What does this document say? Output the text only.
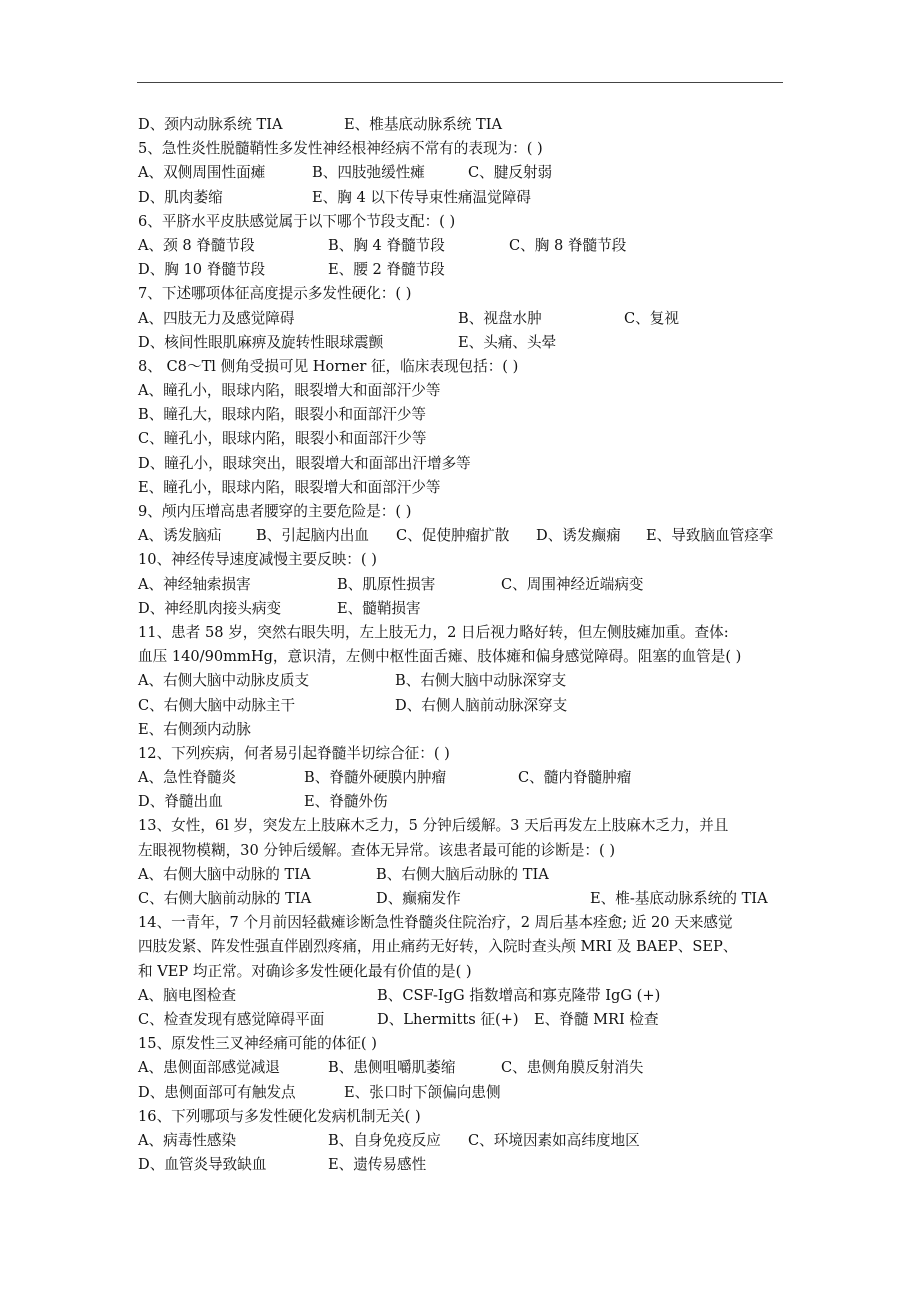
D、颈内动脉系统 TIA	E、椎基底动脉系统 TIA
5、急性炎性脱髓鞘性多发性神经根神经病不常有的表现为：( )
A、双侧周围性面瘫	B、四肢弛缓性瘫	C、腱反射弱
D、肌肉萎缩	E、胸 4 以下传导束性痛温觉障碍
6、平脐水平皮肤感觉属于以下哪个节段支配：( )
A、颈 8 脊髓节段	B、胸 4 脊髓节段	C、胸 8 脊髓节段
D、胸 10 脊髓节段	E、腰 2 脊髓节段
7、下述哪项体征高度提示多发性硬化：( )
A、四肢无力及感觉障碍	B、视盘水肿	C、复视
D、核间性眼肌麻痹及旋转性眼球震颤	E、头痛、头晕
8、 C8～Tl 侧角受损可见 Horner 征，临床表现包括：( )
A、瞳孔小，眼球内陷，眼裂增大和面部汗少等
B、瞳孔大，眼球内陷，眼裂小和面部汗少等
C、瞳孔小，眼球内陷，眼裂小和面部汗少等
D、瞳孔小，眼球突出，眼裂增大和面部出汗增多等
E、瞳孔小，眼球内陷，眼裂增大和面部汗少等
9、颅内压增高患者腰穿的主要危险是：( )
A、诱发脑疝 B、引起脑内出血 C、促使肿瘤扩散 D、诱发癫痫 E、导致脑血管痉挛
10、神经传导速度减慢主要反映：( )
A、神经轴索损害	B、肌原性损害	C、周围神经近端病变
D、神经肌肉接头病变	E、髓鞘损害
11、患者 58 岁，突然右眼失明，左上肢无力，2 日后视力略好转，但左侧肢瘫加重。查体:
血压 140/90mmHg，意识清，左侧中枢性面舌瘫、肢体瘫和偏身感觉障碍。阻塞的血管是( )
A、右侧大脑中动脉皮质支	B、右侧大脑中动脉深穿支
C、右侧大脑中动脉主干	D、右侧人脑前动脉深穿支
E、右侧颈内动脉
12、下列疾病，何者易引起脊髓半切综合征：( )
A、急性脊髓炎	B、脊髓外硬膜内肿瘤	C、髓内脊髓肿瘤
D、脊髓出血	E、脊髓外伤
13、女性，6l 岁，突发左上肢麻木乏力，5 分钟后缓解。3 天后再发左上肢麻木乏力，并且
左眼视物模糊，30 分钟后缓解。查体无异常。该患者最可能的诊断是：( )
A、右侧大脑中动脉的 TIA	B、右侧大脑后动脉的 TIA
C、右侧大脑前动脉的 TIA	D、癫痫发作	E、椎-基底动脉系统的 TIA
14、一青年，7 个月前因轻截瘫诊断急性脊髓炎住院治疗，2 周后基本痊愈; 近 20 天来感觉
四肢发紧、阵发性强直伴剧烈疼痛，用止痛药无好转，入院时查头颅 MRI 及 BAEP、SEP、
和 VEP 均正常。对确诊多发性硬化最有价值的是( )
A、脑电图检查	B、CSF-IgG 指数增高和寡克隆带 IgG (+)
C、检查发现有感觉障碍平面	D、Lhermitts 征(+) E、脊髓 MRI 检查
15、原发性三叉神经痛可能的体征( )
A、患侧面部感觉减退	B、患侧咀嚼肌萎缩	C、患侧角膜反射消失
D、患侧面部可有触发点	E、张口时下颌偏向患侧
16、下列哪项与多发性硬化发病机制无关( )
A、病毒性感染	B、自身免疫反应 C、环境因素如高纬度地区
D、血管炎导致缺血	E、遗传易感性
